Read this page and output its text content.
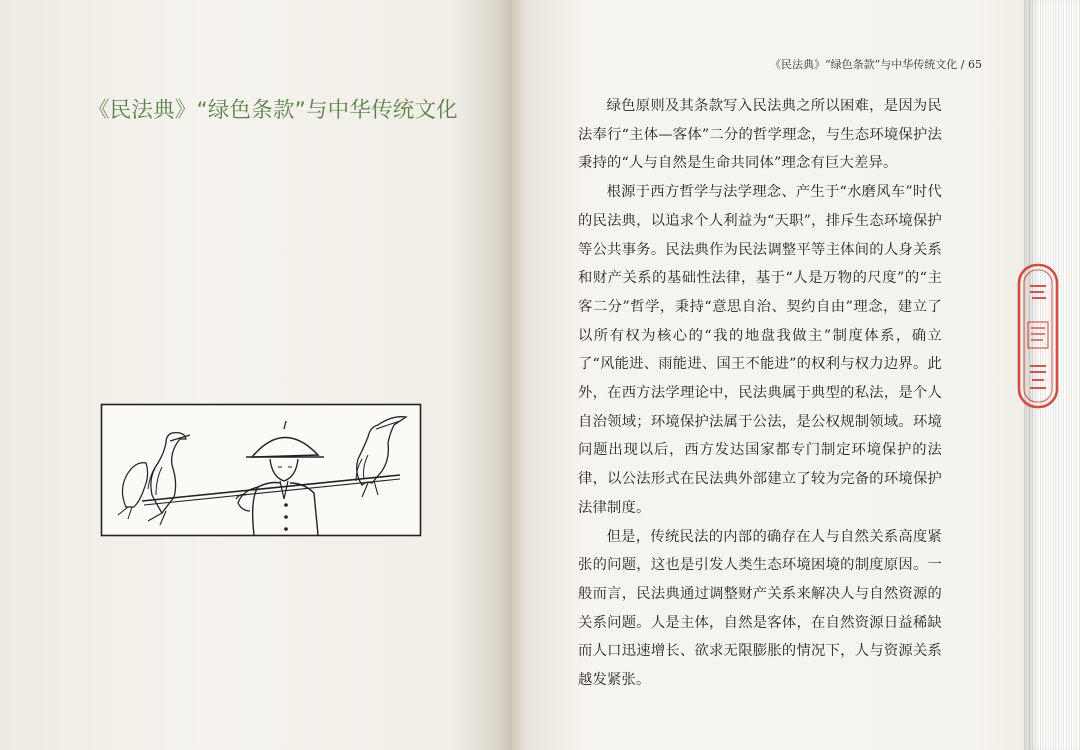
《民法典》“绿色条款”与中华传统文化
《民法典》“绿色条款”与中华传统文化 / 65

绿色原则及其条款写入民法典之所以困难，是因为民法奉行“主体—客体”二分的哲学理念，与生态环境保护法秉持的“人与自然是生命共同体”理念有巨大差异。

根源于西方哲学与法学理念、产生于“水磨风车”时代的民法典，以追求个人利益为“天职”，排斥生态环境保护等公共事务。民法典作为民法调整平等主体间的人身关系和财产关系的基础性法律，基于“人是万物的尺度”的“主客二分”哲学，秉持“意思自治、契约自由”理念，建立了以所有权为核心的“我的地盘我做主”制度体系，确立了“风能进、雨能进、国王不能进”的权利与权力边界。此外，在西方法学理论中，民法典属于典型的私法，是个人自治领域；环境保护法属于公法，是公权规制领域。环境问题出现以后，西方发达国家都专门制定环境保护的法律，以公法形式在民法典外部建立了较为完备的环境保护法律制度。

但是，传统民法的内部的确存在人与自然关系高度紧张的问题，这也是引发人类生态环境困境的制度原因。一般而言，民法典通过调整财产关系来解决人与自然资源的关系问题。人是主体，自然是客体，在自然资源日益稀缺而人口迅速增长、欲求无限膨胀的情况下，人与资源关系越发紧张。
